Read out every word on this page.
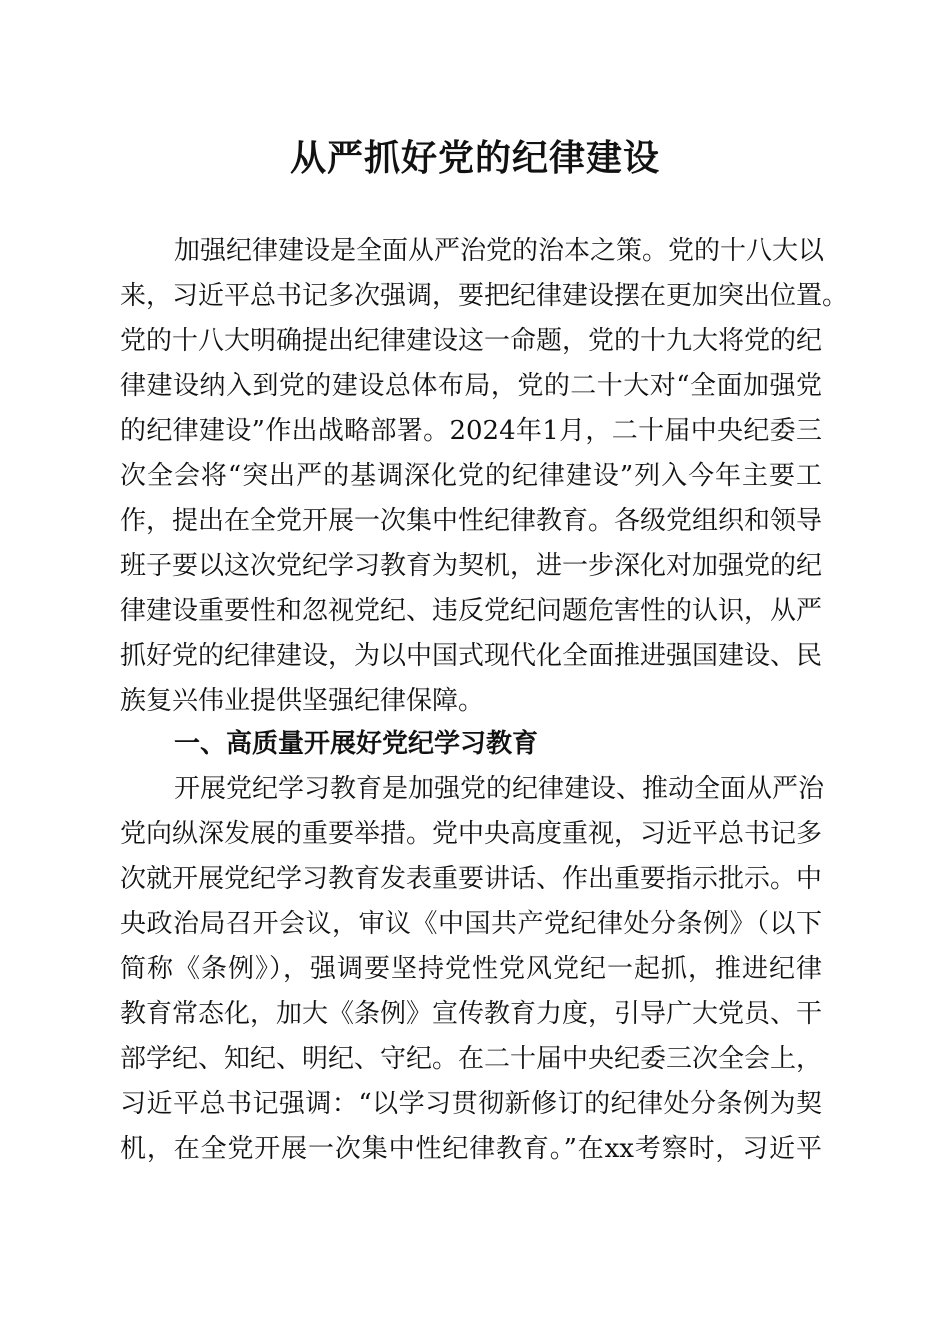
从严抓好党的纪律建设
加强纪律建设是全面从严治党的治本之策。党的十八大以
来，习近平总书记多次强调，要把纪律建设摆在更加突出位置。
党的十八大明确提出纪律建设这一命题，党的十九大将党的纪
律建设纳入到党的建设总体布局，党的二十大对“全面加强党
的纪律建设”作出战略部署。2024年1月，二十届中央纪委三
次全会将“突出严的基调深化党的纪律建设”列入今年主要工
作，提出在全党开展一次集中性纪律教育。各级党组织和领导
班子要以这次党纪学习教育为契机，进一步深化对加强党的纪
律建设重要性和忽视党纪、违反党纪问题危害性的认识，从严
抓好党的纪律建设，为以中国式现代化全面推进强国建设、民
族复兴伟业提供坚强纪律保障。
一、高质量开展好党纪学习教育
开展党纪学习教育是加强党的纪律建设、推动全面从严治
党向纵深发展的重要举措。党中央高度重视，习近平总书记多
次就开展党纪学习教育发表重要讲话、作出重要指示批示。中
央政治局召开会议，审议《中国共产党纪律处分条例》（以下
简称《条例》），强调要坚持党性党风党纪一起抓，推进纪律
教育常态化，加大《条例》宣传教育力度，引导广大党员、干
部学纪、知纪、明纪、守纪。在二十届中央纪委三次全会上，
习近平总书记强调：“以学习贯彻新修订的纪律处分条例为契
机，在全党开展一次集中性纪律教育。”在xx考察时，习近平
